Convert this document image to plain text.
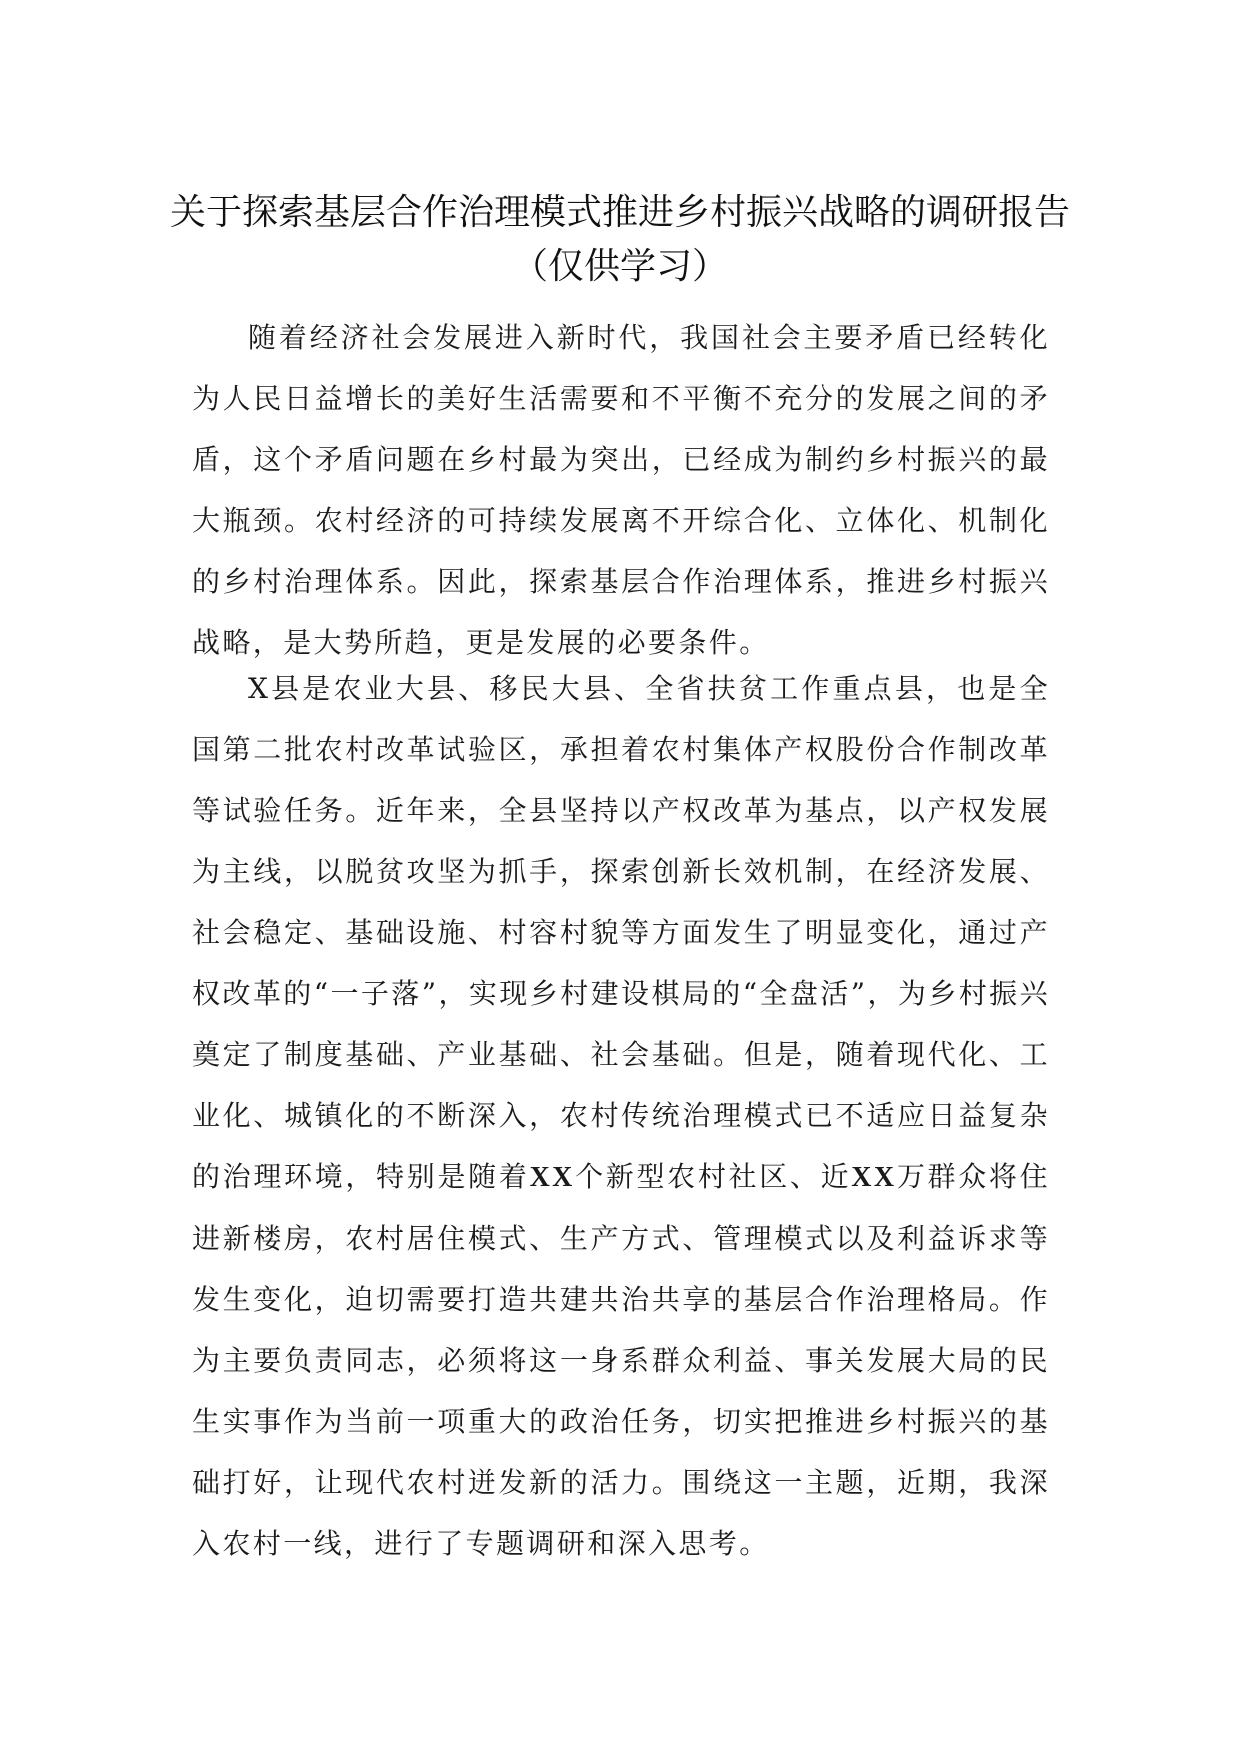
关于探索基层合作治理模式推进乡村振兴战略的调研报告
（仅供学习）

随着经济社会发展进入新时代，我国社会主要矛盾已经转化为人民日益增长的美好生活需要和不平衡不充分的发展之间的矛盾，这个矛盾问题在乡村最为突出，已经成为制约乡村振兴的最大瓶颈。农村经济的可持续发展离不开综合化、立体化、机制化的乡村治理体系。因此，探索基层合作治理体系，推进乡村振兴战略，是大势所趋，更是发展的必要条件。

X县是农业大县、移民大县、全省扶贫工作重点县，也是全国第二批农村改革试验区，承担着农村集体产权股份合作制改革等试验任务。近年来，全县坚持以产权改革为基点，以产权发展为主线，以脱贫攻坚为抓手，探索创新长效机制，在经济发展、社会稳定、基础设施、村容村貌等方面发生了明显变化，通过产权改革的“一子落”，实现乡村建设棋局的“全盘活”，为乡村振兴奠定了制度基础、产业基础、社会基础。但是，随着现代化、工业化、城镇化的不断深入，农村传统治理模式已不适应日益复杂的治理环境，特别是随着XX个新型农村社区、近XX万群众将住进新楼房，农村居住模式、生产方式、管理模式以及利益诉求等发生变化，迫切需要打造共建共治共享的基层合作治理格局。作为主要负责同志，必须将这一身系群众利益、事关发展大局的民生实事作为当前一项重大的政治任务，切实把推进乡村振兴的基础打好，让现代农村迸发新的活力。围绕这一主题，近期，我深入农村一线，进行了专题调研和深入思考。
